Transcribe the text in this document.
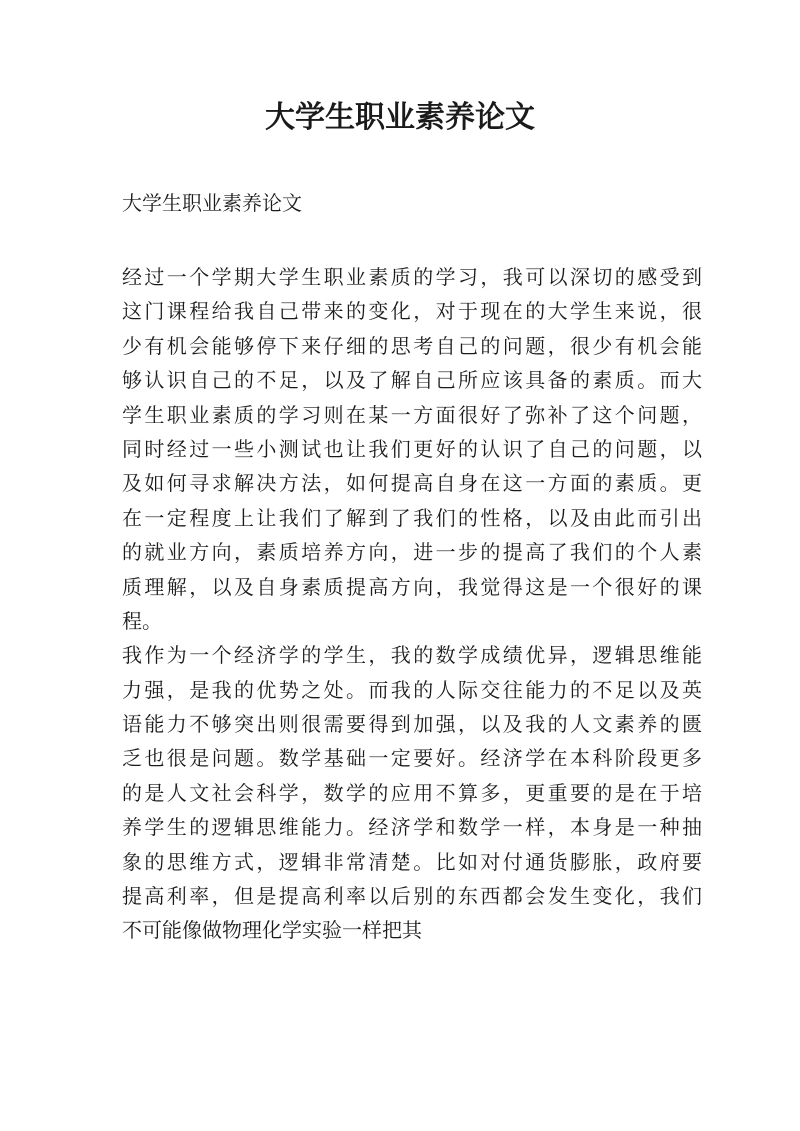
大学生职业素养论文
大学生职业素养论文

经过一个学期大学生职业素质的学习，我可以深切的感受到
这门课程给我自己带来的变化，对于现在的大学生来说，很
少有机会能够停下来仔细的思考自己的问题，很少有机会能
够认识自己的不足，以及了解自己所应该具备的素质。而大
学生职业素质的学习则在某一方面很好了弥补了这个问题，
同时经过一些小测试也让我们更好的认识了自己的问题，以
及如何寻求解决方法，如何提高自身在这一方面的素质。更
在一定程度上让我们了解到了我们的性格，以及由此而引出
的就业方向，素质培养方向，进一步的提高了我们的个人素
质理解，以及自身素质提高方向，我觉得这是一个很好的课
程。

我作为一个经济学的学生，我的数学成绩优异，逻辑思维能
力强，是我的优势之处。而我的人际交往能力的不足以及英
语能力不够突出则很需要得到加强，以及我的人文素养的匮
乏也很是问题。数学基础一定要好。经济学在本科阶段更多
的是人文社会科学，数学的应用不算多，更重要的是在于培
养学生的逻辑思维能力。经济学和数学一样，本身是一种抽
象的思维方式，逻辑非常清楚。比如对付通货膨胀，政府要
提高利率，但是提高利率以后别的东西都会发生变化，我们
不可能像做物理化学实验一样把其
